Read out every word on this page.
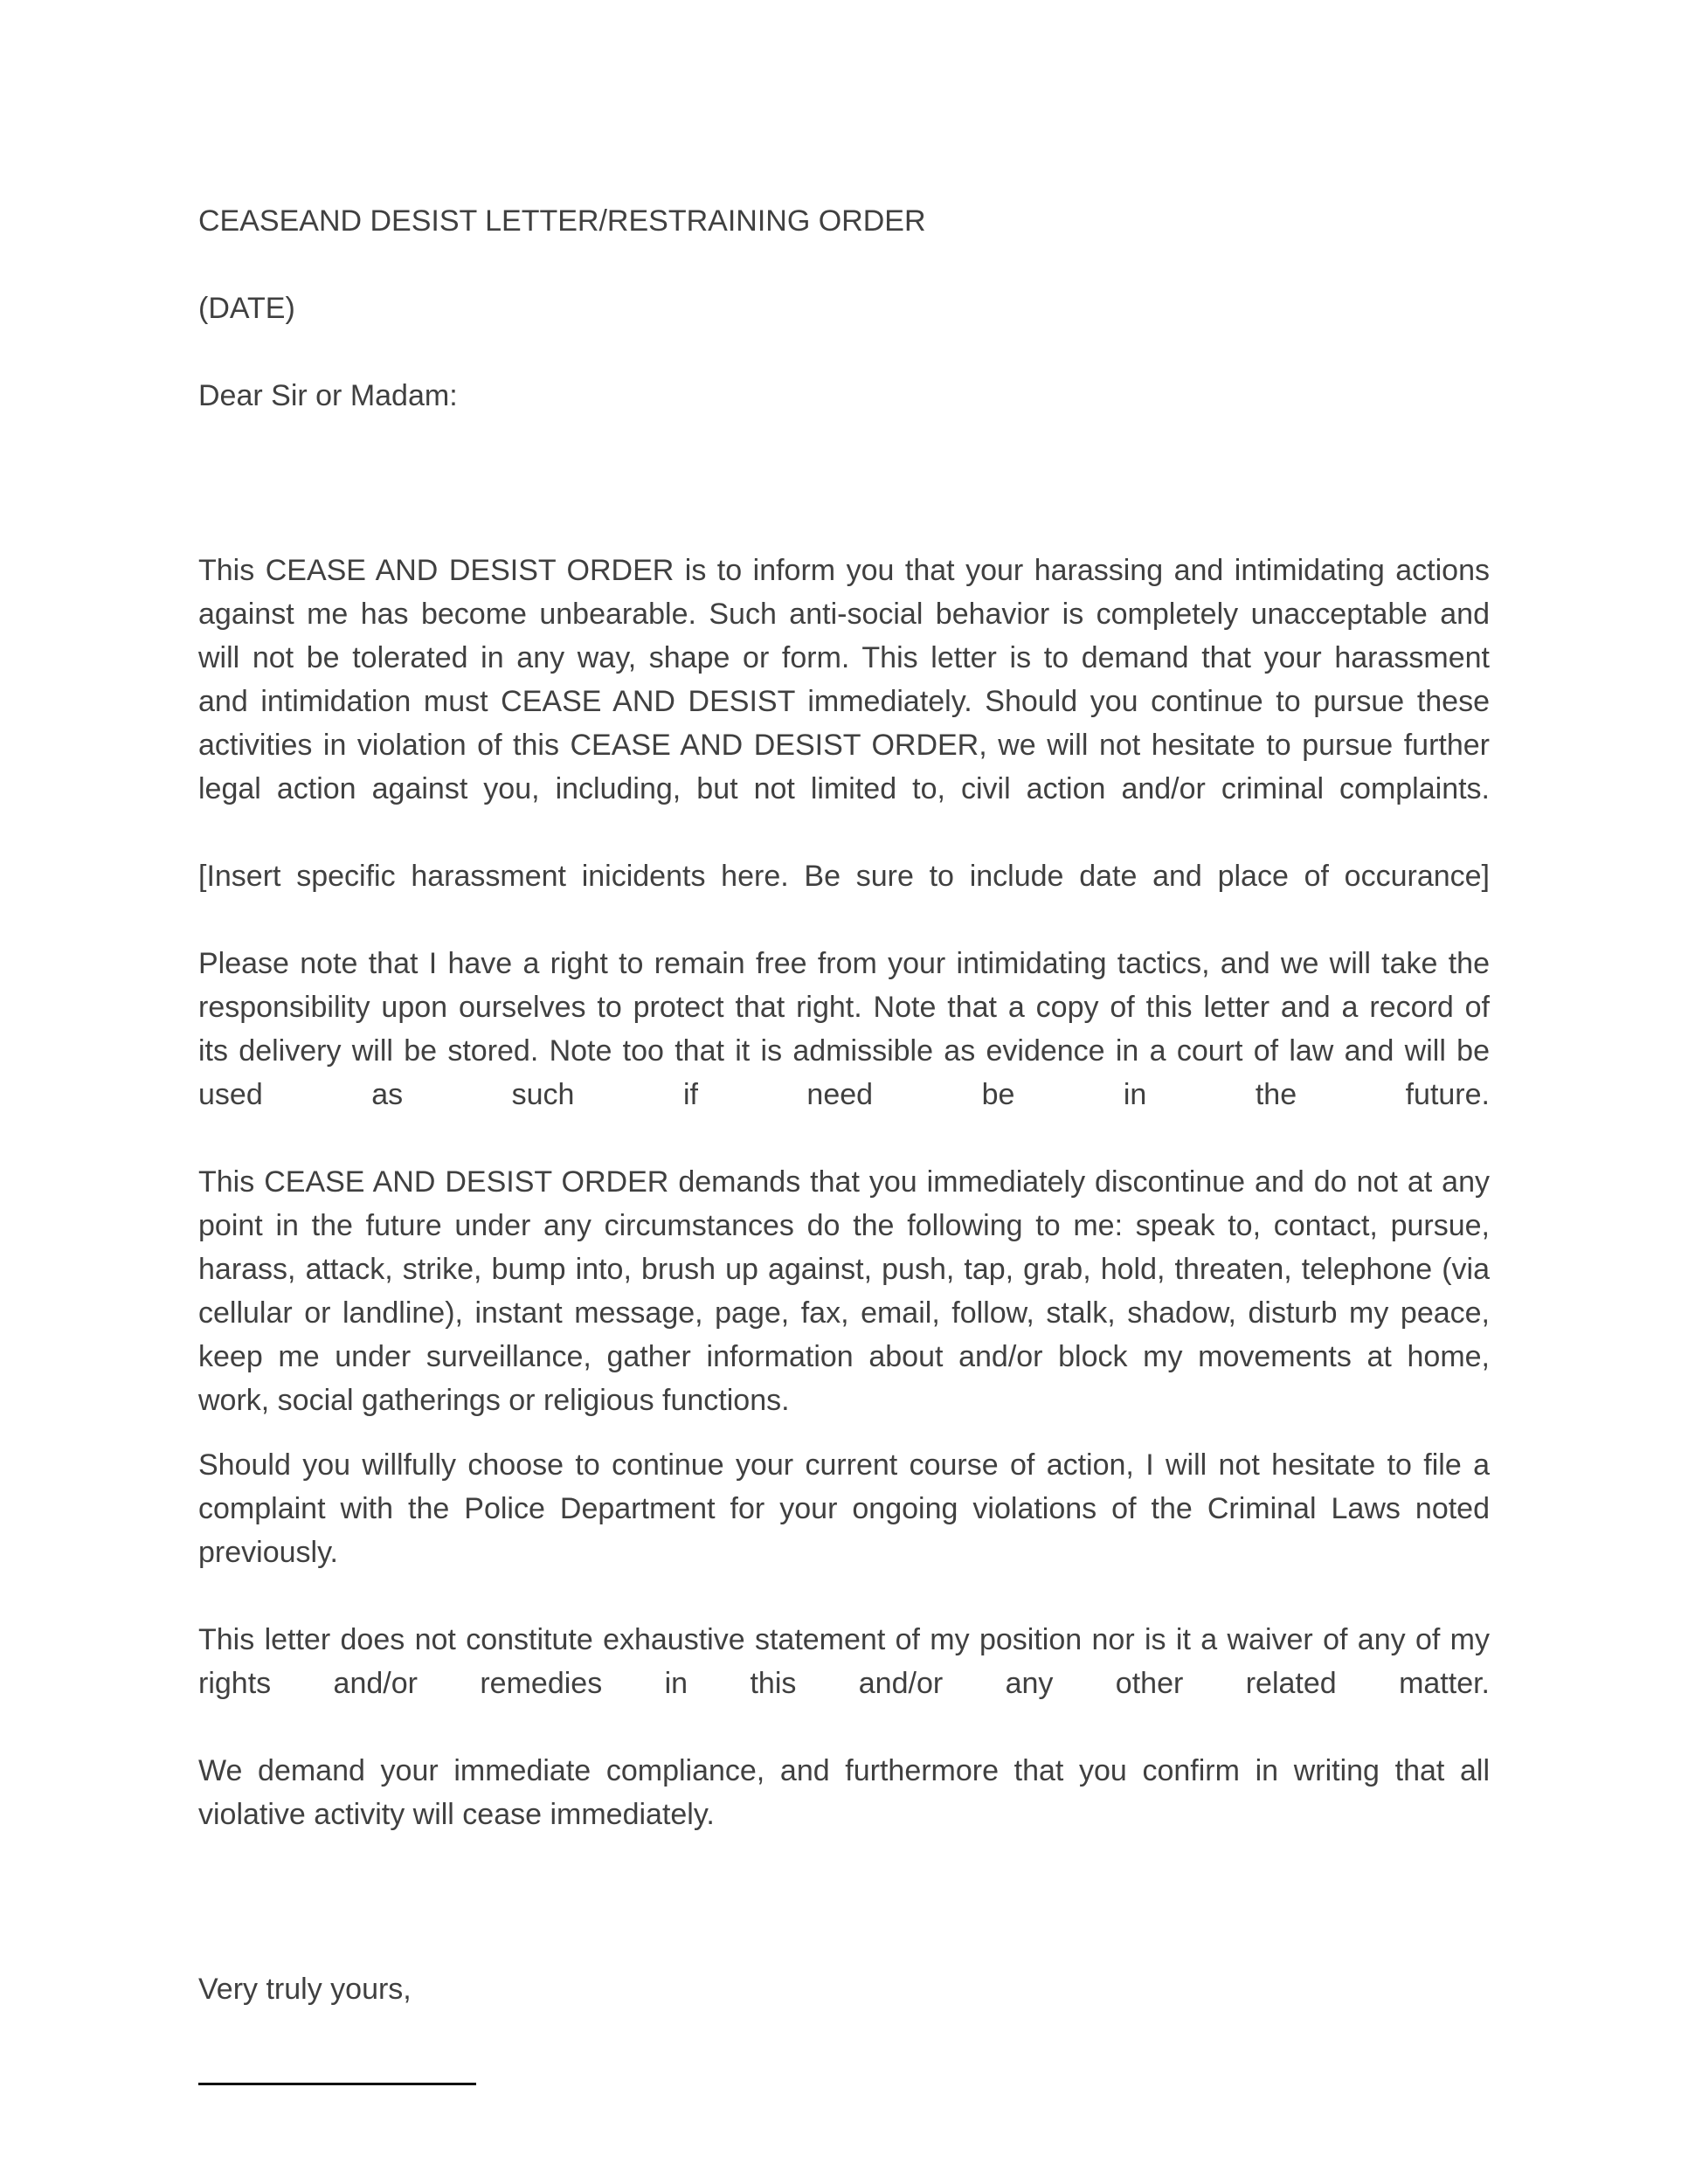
CEASEAND DESIST LETTER/RESTRAINING ORDER

(DATE)

Dear Sir or Madam:

This CEASE AND DESIST ORDER is to inform you that your harassing and intimidating actions
against me has become unbearable. Such anti-social behavior is completely unacceptable and
will not be tolerated in any way, shape or form. This letter is to demand that your harassment
and intimidation must CEASE AND DESIST immediately. Should you continue to pursue these
activities in violation of this CEASE AND DESIST ORDER, we will not hesitate to pursue further
legal action against you, including, but not limited to, civil action and/or criminal complaints.
[Insert specific harassment inicidents here. Be sure to include date and place of occurance]
Please note that I have a right to remain free from your intimidating tactics, and we will take the
responsibility upon ourselves to protect that right. Note that a copy of this letter and a record of
its delivery will be stored. Note too that it is admissible as evidence in a court of law and will be
used as such if need be in the future.
This CEASE AND DESIST ORDER demands that you immediately discontinue and do not at any
point in the future under any circumstances do the following to me: speak to, contact, pursue,
harass, attack, strike, bump into, brush up against, push, tap, grab, hold, threaten, telephone (via
cellular or landline), instant message, page, fax, email, follow, stalk, shadow, disturb my peace,
keep me under surveillance, gather information about and/or block my movements at home,
work, social gatherings or religious functions.
Should you willfully choose to continue your current course of action, I will not hesitate to file a
complaint with the Police Department for your ongoing violations of the Criminal Laws noted
previously.
This letter does not constitute exhaustive statement of my position nor is it a waiver of any of my
rights and/or remedies in this and/or any other related matter.
We demand your immediate compliance, and furthermore that you confirm in writing that all
violative activity will cease immediately.

Very truly yours,
